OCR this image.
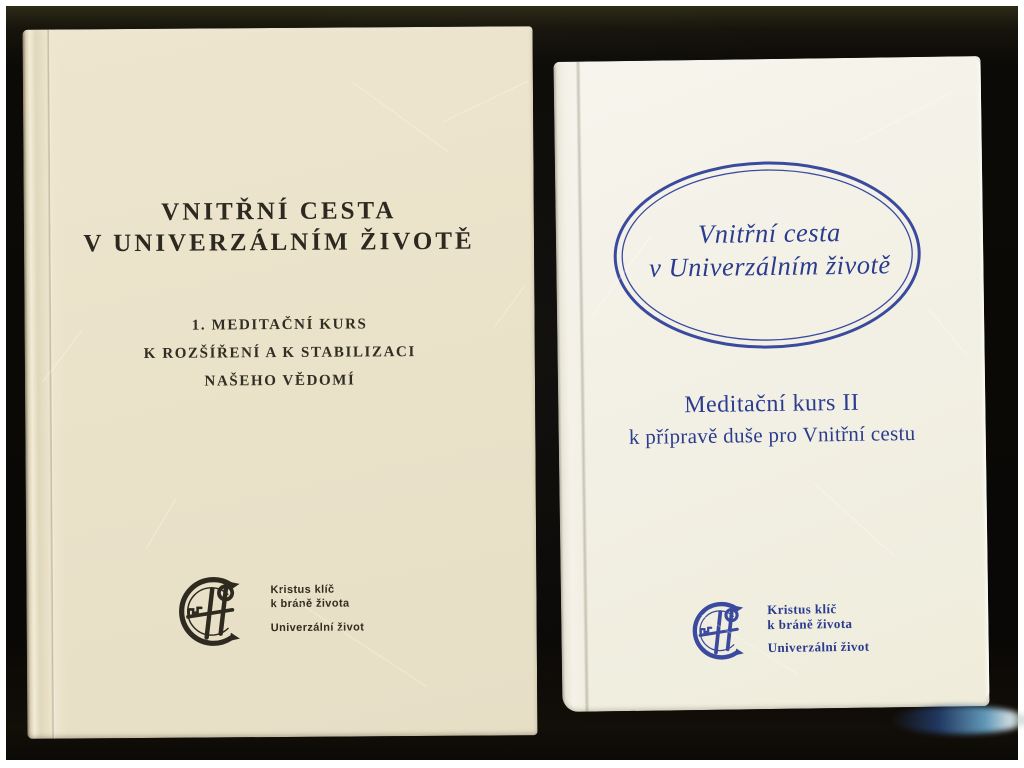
VNITŘNÍ CESTA
V UNIVERZÁLNÍM ŽIVOTĚ
1. MEDITAČNÍ KURS
K ROZŠÍŘENÍ A K STABILIZACI
NAŠEHO VĚDOMÍ
Kristus klíč
k bráně života
Univerzální život
Vnitřní cesta
v Univerzálním životě
Meditační kurs II
k přípravě duše pro Vnitřní cestu
Kristus klíč
k bráně života
Univerzální život
